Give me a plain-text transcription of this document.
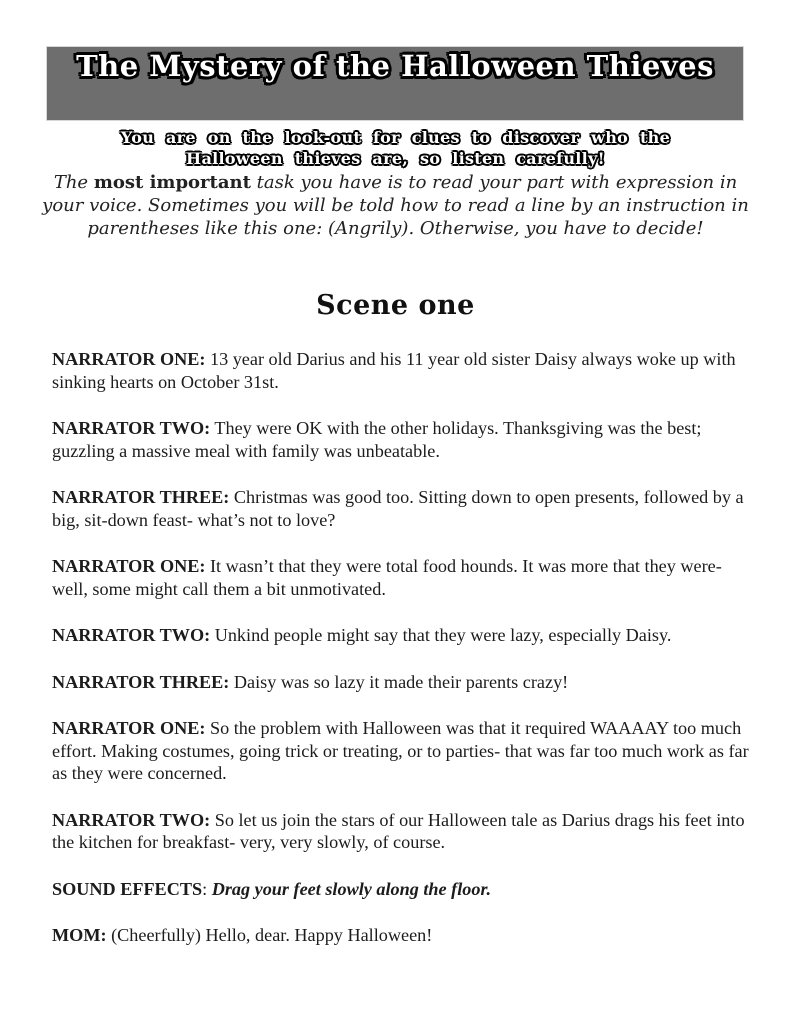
The Mystery of the Halloween Thieves
You are on the look-out for clues to discover who the
Halloween thieves are, so listen carefully!
The most important task you have is to read your part with expression in your voice. Sometimes you will be told how to read a line by an instruction in parentheses like this one: (Angrily). Otherwise, you have to decide!
Scene one

NARRATOR ONE: 13 year old Darius and his 11 year old sister Daisy always woke up with sinking hearts on October 31st.

NARRATOR TWO: They were OK with the other holidays. Thanksgiving was the best; guzzling a massive meal with family was unbeatable.

NARRATOR THREE: Christmas was good too. Sitting down to open presents, followed by a big, sit-down feast- what’s not to love?

NARRATOR ONE: It wasn’t that they were total food hounds. It was more that they were- well, some might call them a bit unmotivated.

NARRATOR TWO: Unkind people might say that they were lazy, especially Daisy.

NARRATOR THREE: Daisy was so lazy it made their parents crazy!

NARRATOR ONE: So the problem with Halloween was that it required WAAAAY too much effort. Making costumes, going trick or treating, or to parties- that was far too much work as far as they were concerned.

NARRATOR TWO: So let us join the stars of our Halloween tale as Darius drags his feet into the kitchen for breakfast- very, very slowly, of course.

SOUND EFFECTS: Drag your feet slowly along the floor.

MOM: (Cheerfully) Hello, dear. Happy Halloween!
